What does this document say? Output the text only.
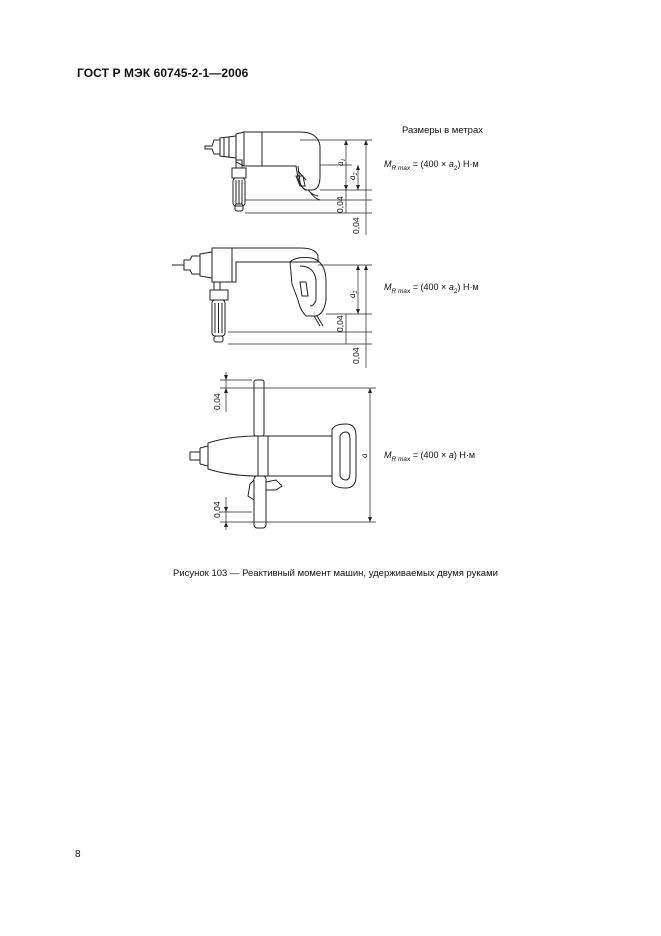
ГОСТ Р МЭК 60745-2-1—2006
Размеры в метрах
$M_{R max} = (400 \times a_2)$ Н·м
$M_{R max} = (400 \times a_2)$ Н·м
$M_{R max} = (400 \times a)$ Н·м
$a_1$
$a_2$
0,04
0,04
$a_2$
0,04
0,04
a
0,04
0,04
Рисунок 103 — Реактивный момент машин, удерживаемых двумя руками
8
